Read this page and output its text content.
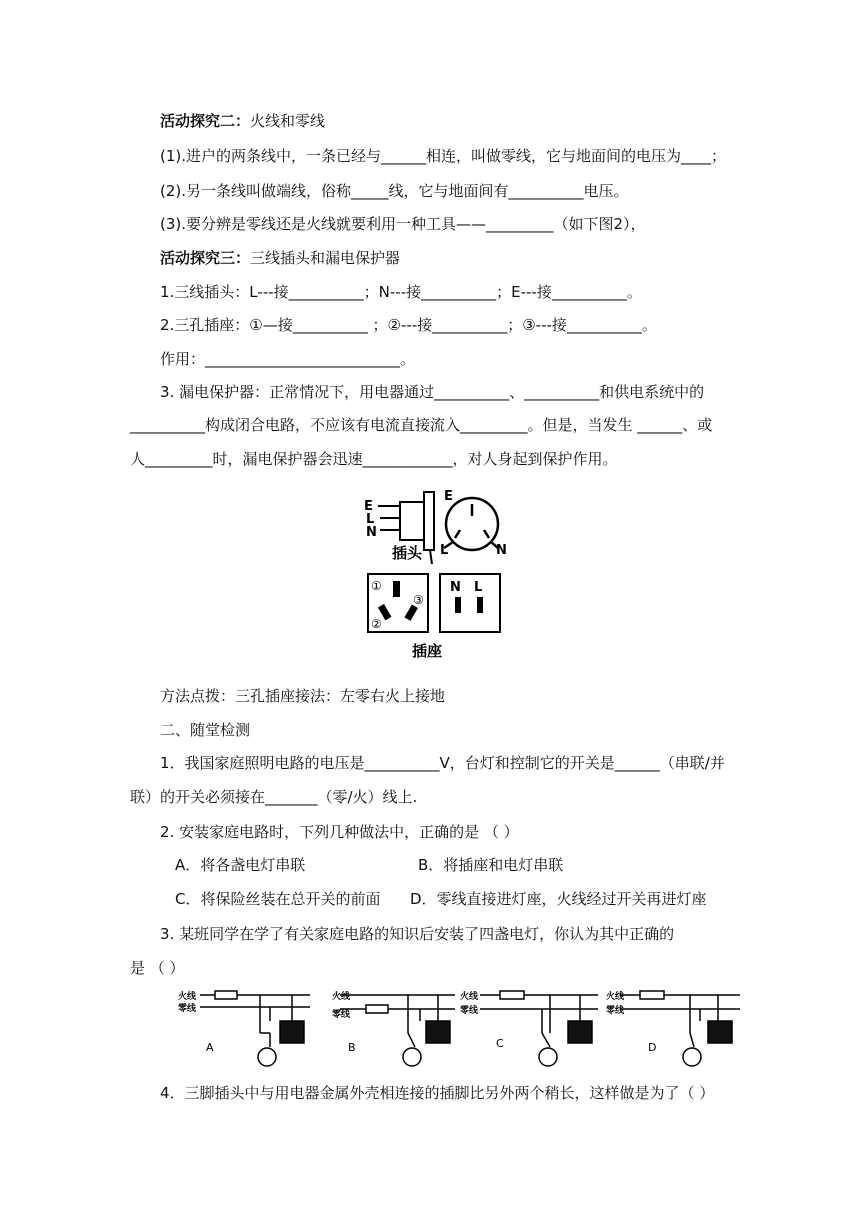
活动探究二：火线和零线
(1).进户的两条线中，一条已经与______相连，叫做零线，它与地面间的电压为____；
(2).另一条线叫做端线，俗称_____线，它与地面间有__________电压。
(3).要分辨是零线还是火线就要利用一种工具——_________（如下图2），
活动探究三：三线插头和漏电保护器
1.三线插头：L---接__________；N---接__________；E---接__________。
2.三孔插座：①—接__________ ；②---接__________；③---接__________。
作用：__________________________。
3. 漏电保护器：正常情况下，用电器通过__________、__________和供电系统中的
__________构成闭合电路，不应该有电流直接流入_________。但是，当发生 ______、或
人_________时，漏电保护器会迅速____________，对人身起到保护作用。
E
L
N
E
L	N
插头
①
②
③
N L
插座
方法点拨：三孔插座接法：左零右火上接地
二、随堂检测
1．我国家庭照明电路的电压是__________V，台灯和控制它的开关是______（串联/并
联）的开关必须接在_______（零/火）线上.
2. 安装家庭电路时，下列几种做法中，正确的是 （ ）
A．将各盏电灯串联	B．将插座和电灯串联
C．将保险丝装在总开关的前面 D．零线直接进灯座，火线经过开关再进灯座
3. 某班同学在学了有关家庭电路的知识后安装了四盏电灯，你认为其中正确的
是 （ ）
火线
零线
A
火线
零线
B
火线
零线
C
火线
零线
D
4．三脚插头中与用电器金属外壳相连接的插脚比另外两个稍长，这样做是为了（ ）
